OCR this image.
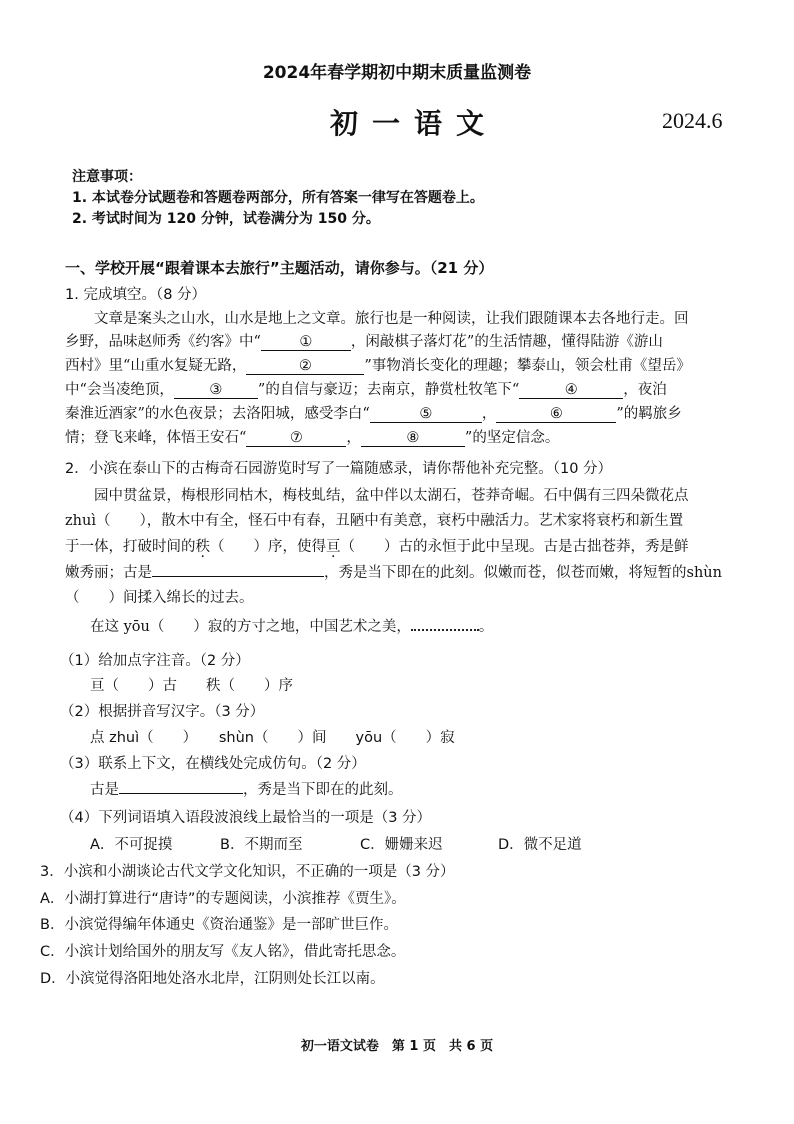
2024年春学期初中期末质量监测卷
初一语文	2024.6
注意事项：
1. 本试卷分试题卷和答题卷两部分，所有答案一律写在答题卷上。
2. 考试时间为 120 分钟，试卷满分为 150 分。
一、学校开展“跟着课本去旅行”主题活动，请你参与。（21 分）
1. 完成填空。（8 分）
文章是案头之山水，山水是地上之文章。旅行也是一种阅读，让我们跟随课本去各地行走。回
乡野，品味赵师秀《约客》中“	①	，闲敲棋子落灯花”的生活情趣，懂得陆游《游山
西村》里“山重水复疑无路，	②	”事物消长变化的理趣；攀泰山，领会杜甫《望岳》
中“会当凌绝顶， ③ ”的自信与豪迈；去南京，静赏杜牧笔下“	④	，夜泊
秦淮近酒家”的水色夜景；去洛阳城，感受李白“	⑤	，	⑥	”的羁旅乡
情；登飞来峰，体悟王安石“	⑦	，	⑧	”的坚定信念。
2．小滨在泰山下的古梅奇石园游览时写了一篇随感录，请你帮他补充完整。（10 分）
园中贯盆景，梅根形同枯木，梅枝虬结，盆中伴以太湖石，苍莽奇崛。石中偶有三四朵微花点
zhuì（　　），散木中有全，怪石中有春，丑陋中有美意，衰朽中融活力。艺术家将衰朽和新生置
于一体，打破时间的秩（　　）序，使得亘（　　）古的永恒于此中呈现。古是古拙苍莽，秀是鲜
嫩秀丽；古是	，秀是当下即在的此刻。似嫩而苍，似苍而嫩，将短暂的shùn
（　　）间揉入绵长的过去。
在这 yōu（　　）寂的方寸之地，中国艺术之美，	。
（1）给加点字注音。（2 分）
亘（　　）古　　秩（　　）序
（2）根据拼音写汉字。（3 分）
点 zhuì（　　）　　shùn（　　）间　　yōu（　　）寂
（3）联系上下文，在横线处完成仿句。（2 分）
古是	，秀是当下即在的此刻。
（4）下列词语填入语段波浪线上最恰当的一项是（3 分）
A．不可捉摸	B．不期而至	C．姗姗来迟	D．微不足道
3．小滨和小湖谈论古代文学文化知识，不正确的一项是（3 分）
A．小湖打算进行“唐诗”的专题阅读，小滨推荐《贾生》。
B．小滨觉得编年体通史《资治通鉴》是一部旷世巨作。
C．小滨计划给国外的朋友写《友人铭》，借此寄托思念。
D．小滨觉得洛阳地处洛水北岸，江阴则处长江以南。
初一语文试卷　第 1 页　共 6 页
